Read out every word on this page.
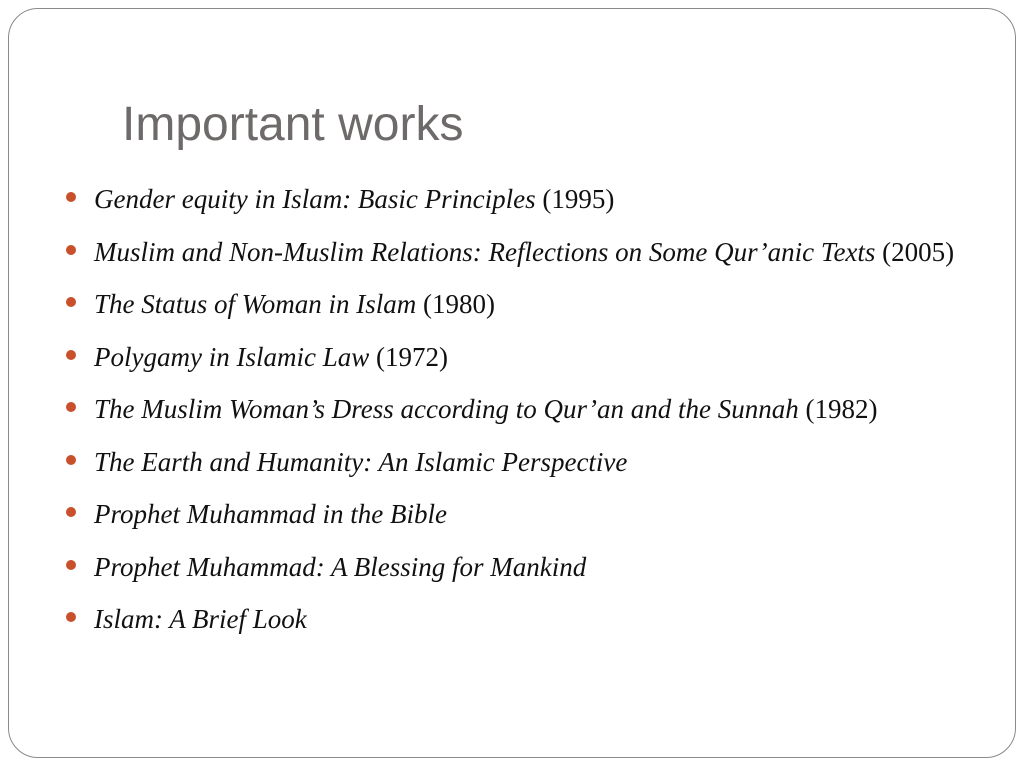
Important works
Gender equity in Islam: Basic Principles (1995)
Muslim and Non-Muslim Relations: Reflections on Some Qur’anic Texts (2005)
The Status of Woman in Islam (1980)
Polygamy in Islamic Law (1972)
The Muslim Woman’s Dress according to Qur’an and the Sunnah (1982)
The Earth and Humanity: An Islamic Perspective
Prophet Muhammad in the Bible
Prophet Muhammad: A Blessing for Mankind
Islam: A Brief Look
